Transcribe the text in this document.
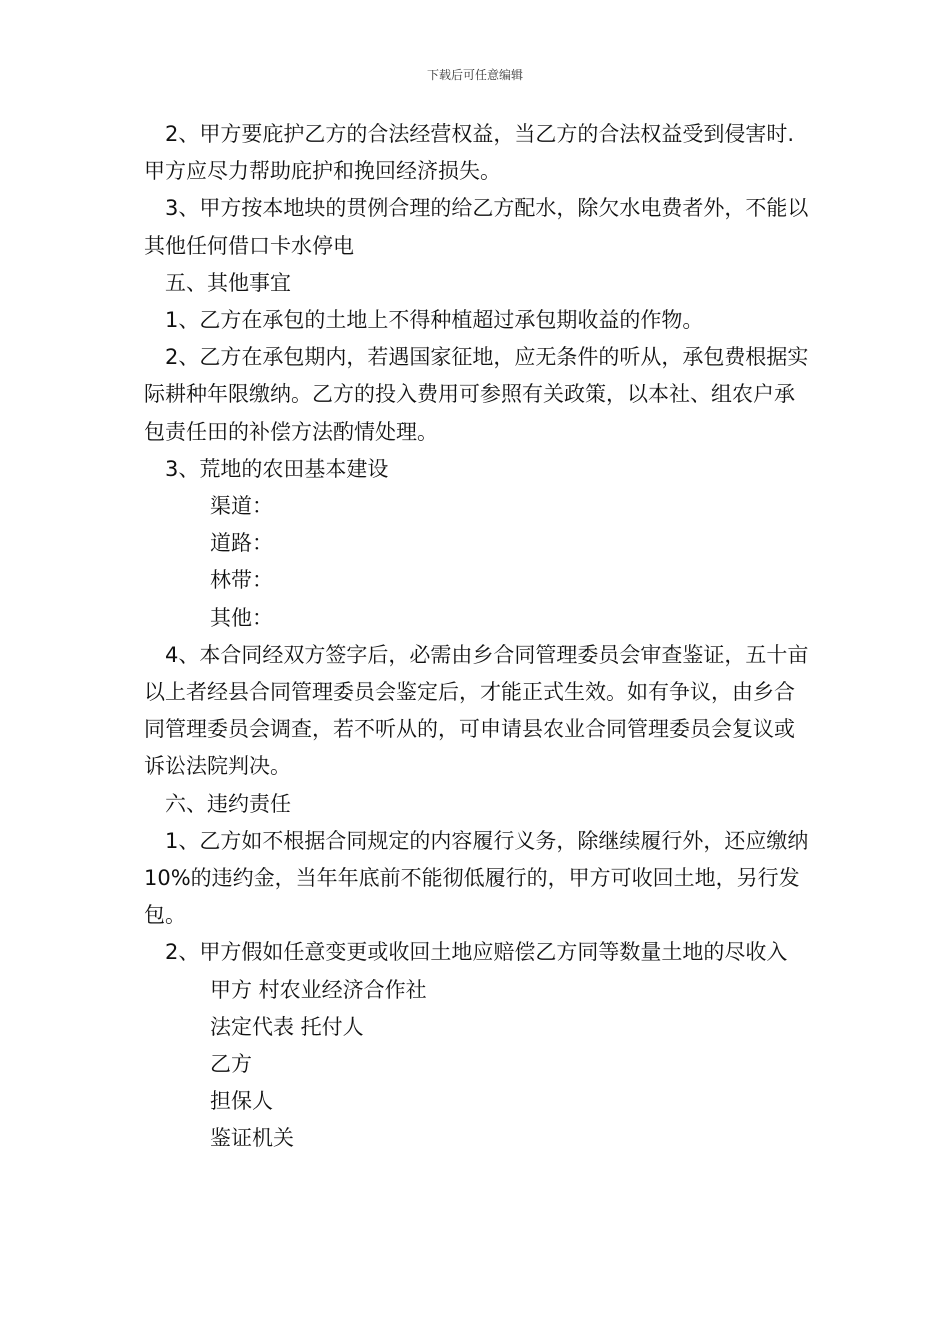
下载后可任意编辑

2、甲方要庇护乙方的合法经营权益，当乙方的合法权益受到侵害时.甲方应尽力帮助庇护和挽回经济损失。

3、甲方按本地块的贯例合理的给乙方配水，除欠水电费者外，不能以其他任何借口卡水停电

五、其他事宜

1、乙方在承包的土地上不得种植超过承包期收益的作物。

2、乙方在承包期内，若遇国家征地，应无条件的听从，承包费根据实际耕种年限缴纳。乙方的投入费用可参照有关政策，以本社、组农户承包责任田的补偿方法酌情处理。

3、荒地的农田基本建设

渠道：

道路：

林带：

其他：

4、本合同经双方签字后，必需由乡合同管理委员会审查鉴证，五十亩以上者经县合同管理委员会鉴定后，才能正式生效。如有争议，由乡合同管理委员会调查，若不听从的，可申请县农业合同管理委员会复议或诉讼法院判决。

六、违约责任

1、乙方如不根据合同规定的内容履行义务，除继续履行外，还应缴纳 10%的违约金，当年年底前不能彻低履行的，甲方可收回土地，另行发包。

2、甲方假如任意变更或收回土地应赔偿乙方同等数量土地的尽收入

甲方 村农业经济合作社

法定代表 托付人

乙方

担保人

鉴证机关
